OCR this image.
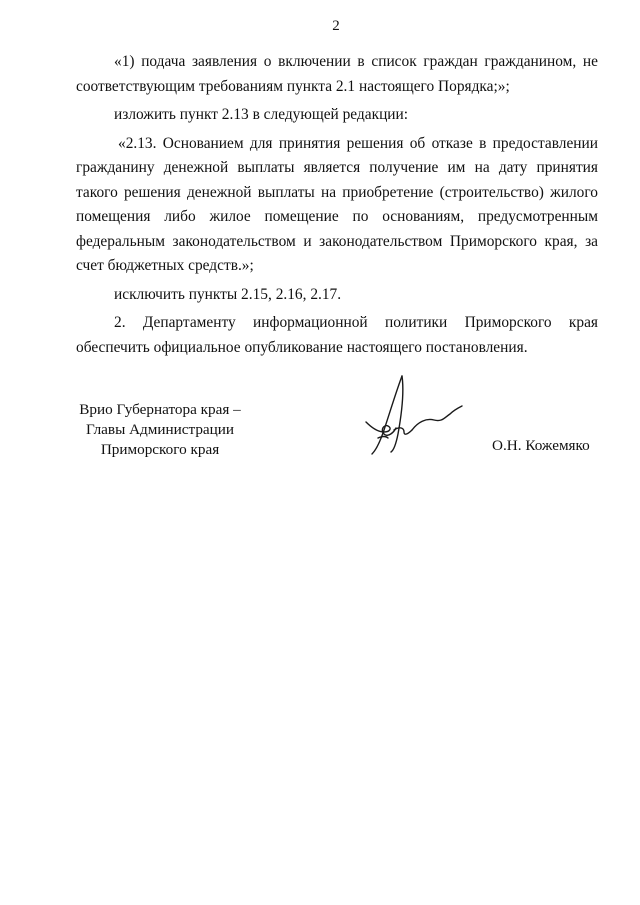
2

«1) подача заявления о включении в список граждан гражданином, не соответствующим требованиям пункта 2.1 настоящего Порядка;»;

изложить пункт 2.13 в следующей редакции:

«2.13. Основанием для принятия решения об отказе в предоставлении гражданину денежной выплаты является получение им на дату принятия такого решения денежной выплаты на приобретение (строительство) жилого помещения либо жилое помещение по основаниям, предусмотренным федеральным законодательством и законодательством Приморского края, за счет бюджетных средств.»;

исключить пункты 2.15, 2.16, 2.17.

2. Департаменту информационной политики Приморского края обеспечить официальное опубликование настоящего постановления.

Врио Губернатора края –
Главы Администрации
Приморского края	О.Н. Кожемяко
